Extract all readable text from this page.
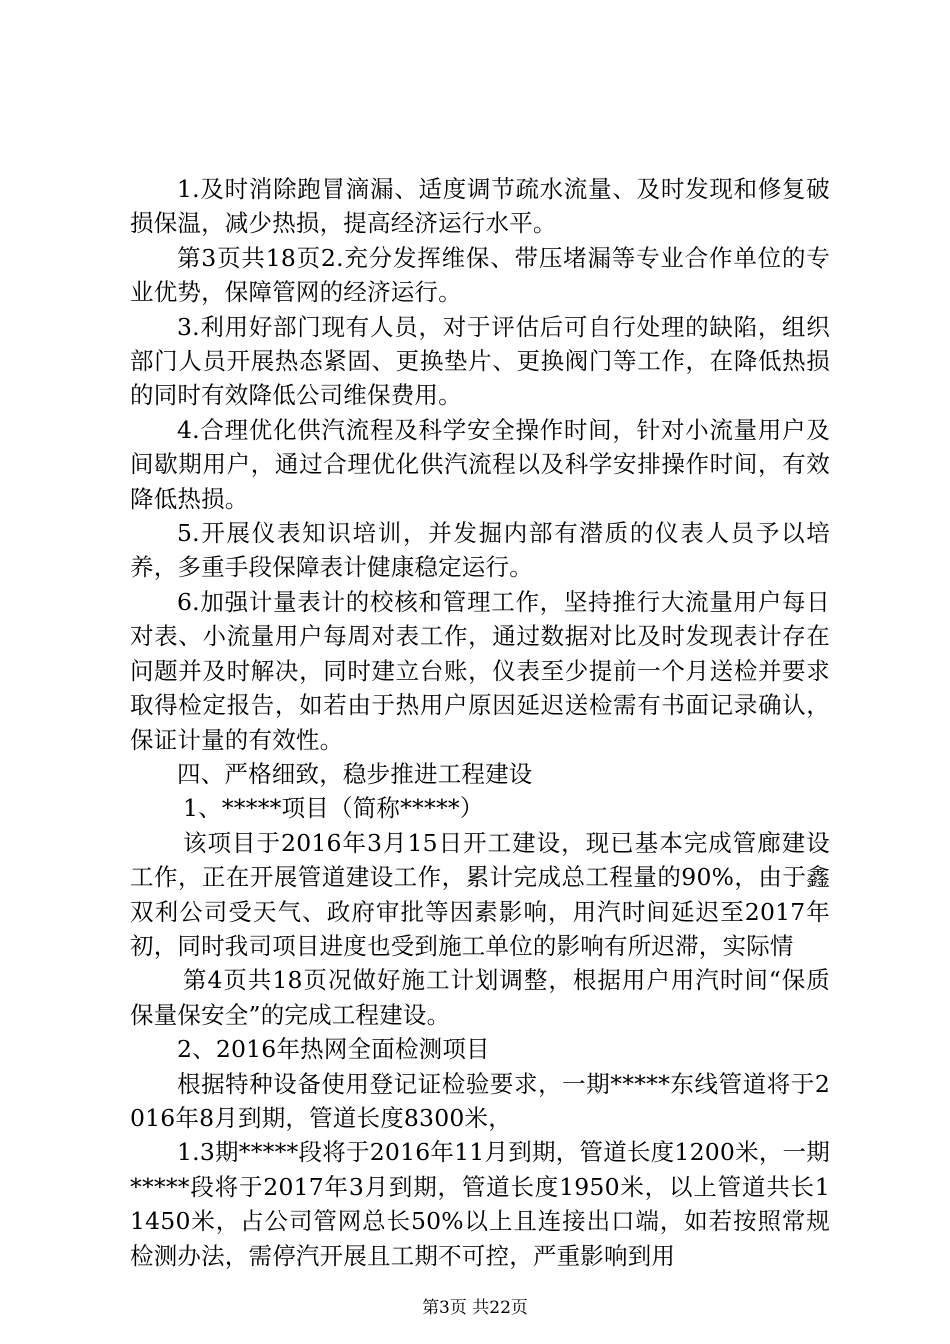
1.及时消除跑冒滴漏、适度调节疏水流量、及时发现和修复破损保温，减少热损，提高经济运行水平。

第3页共18页2.充分发挥维保、带压堵漏等专业合作单位的专业优势，保障管网的经济运行。

3.利用好部门现有人员，对于评估后可自行处理的缺陷，组织部门人员开展热态紧固、更换垫片、更换阀门等工作，在降低热损的同时有效降低公司维保费用。

4.合理优化供汽流程及科学安全操作时间，针对小流量用户及间歇期用户，通过合理优化供汽流程以及科学安排操作时间，有效降低热损。

5.开展仪表知识培训，并发掘内部有潜质的仪表人员予以培养，多重手段保障表计健康稳定运行。

6.加强计量表计的校核和管理工作，坚持推行大流量用户每日对表、小流量用户每周对表工作，通过数据对比及时发现表计存在问题并及时解决，同时建立台账，仪表至少提前一个月送检并要求取得检定报告，如若由于热用户原因延迟送检需有书面记录确认，保证计量的有效性。

四、严格细致，稳步推进工程建设

1、*****项目（简称*****）

该项目于2016年3月15日开工建设，现已基本完成管廊建设工作，正在开展管道建设工作，累计完成总工程量的90%，由于鑫双利公司受天气、政府审批等因素影响，用汽时间延迟至2017年初，同时我司项目进度也受到施工单位的影响有所迟滞，实际情

第4页共18页况做好施工计划调整，根据用户用汽时间“保质保量保安全”的完成工程建设。

2、2016年热网全面检测项目

根据特种设备使用登记证检验要求，一期*****东线管道将于2016年8月到期，管道长度8300米，

1.3期*****段将于2016年11月到期，管道长度1200米，一期*****段将于2017年3月到期，管道长度1950米，以上管道共长11450米，占公司管网总长50%以上且连接出口端，如若按照常规检测办法，需停汽开展且工期不可控，严重影响到用

第3页 共22页
